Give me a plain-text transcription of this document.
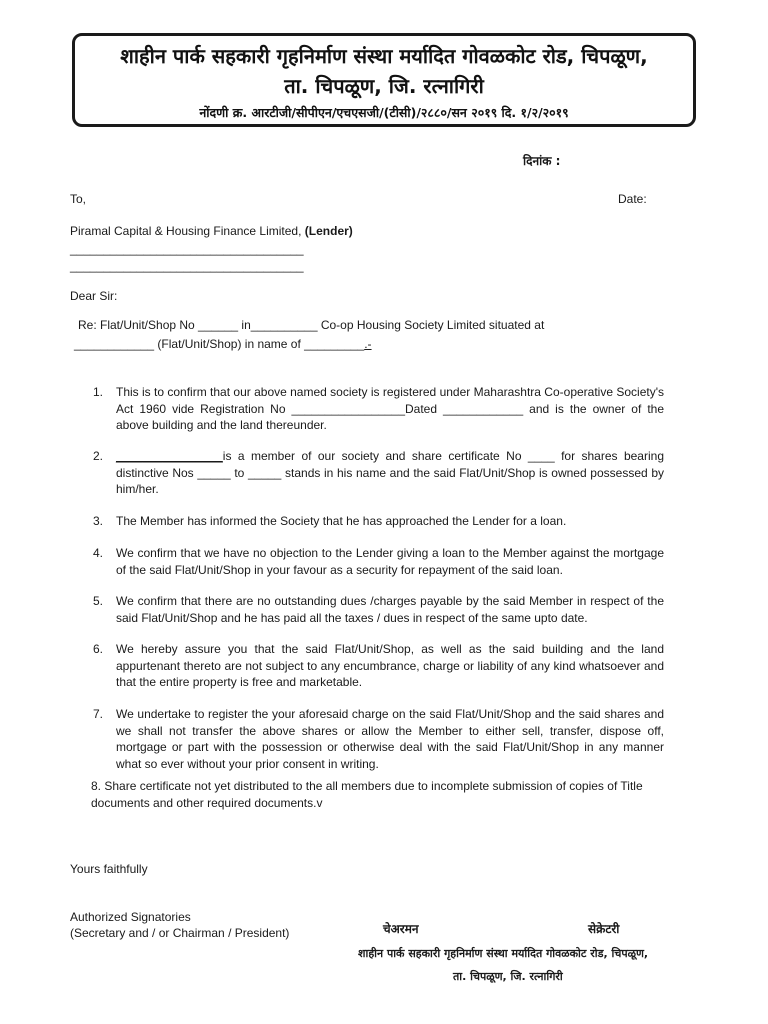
शाहीन पार्क सहकारी गृहनिर्माण संस्था मर्यादित गोवळकोट रोड, चिपळूण,
ता. चिपळूण, जि. रत्नागिरी
नोंदणी क्र. आरटीजी/सीपीएन/एचएसजी/(टीसी)/२८८०/सन २०१९ दि. १/२/२०१९
दिनांक :
To,	Date:
Piramal Capital & Housing Finance Limited, (Lender)
___________________________________
___________________________________
Dear Sir:
Re: Flat/Unit/Shop No ______ in__________ Co-op Housing Society Limited situated at
____________ (Flat/Unit/Shop) in name of _________.-
1. This is to confirm that our above named society is registered under Maharashtra Co-operative Society's Act 1960 vide Registration No _________________Dated ____________ and is the owner of the above building and the land thereunder.
2. ________________is a member of our society and share certificate No ____ for shares bearing distinctive Nos _____ to _____ stands in his name and the said Flat/Unit/Shop is owned possessed by him/her.
3. The Member has informed the Society that he has approached the Lender for a loan.
4. We confirm that we have no objection to the Lender giving a loan to the Member against the mortgage of the said Flat/Unit/Shop in your favour as a security for repayment of the said loan.
5. We confirm that there are no outstanding dues /charges payable by the said Member in respect of the said Flat/Unit/Shop and he has paid all the taxes / dues in respect of the same upto date.
6. We hereby assure you that the said Flat/Unit/Shop, as well as the said building and the land appurtenant thereto are not subject to any encumbrance, charge or liability of any kind whatsoever and that the entire property is free and marketable.
7. We undertake to register the your aforesaid charge on the said Flat/Unit/Shop and the said shares and we shall not transfer the above shares or allow the Member to either sell, transfer, dispose off, mortgage or part with the possession or otherwise deal with the said Flat/Unit/Shop in any manner what so ever without your prior consent in writing.
8. Share certificate not yet distributed to the all members due to incomplete submission of copies of Title documents and other required documents.v
Yours faithfully
Authorized Signatories
(Secretary and / or Chairman / President)	चेअरमन	सेक्रेटरी
शाहीन पार्क सहकारी गृहनिर्माण संस्था मर्यादित गोवळकोट रोड, चिपळूण,
ता. चिपळूण, जि. रत्नागिरी
